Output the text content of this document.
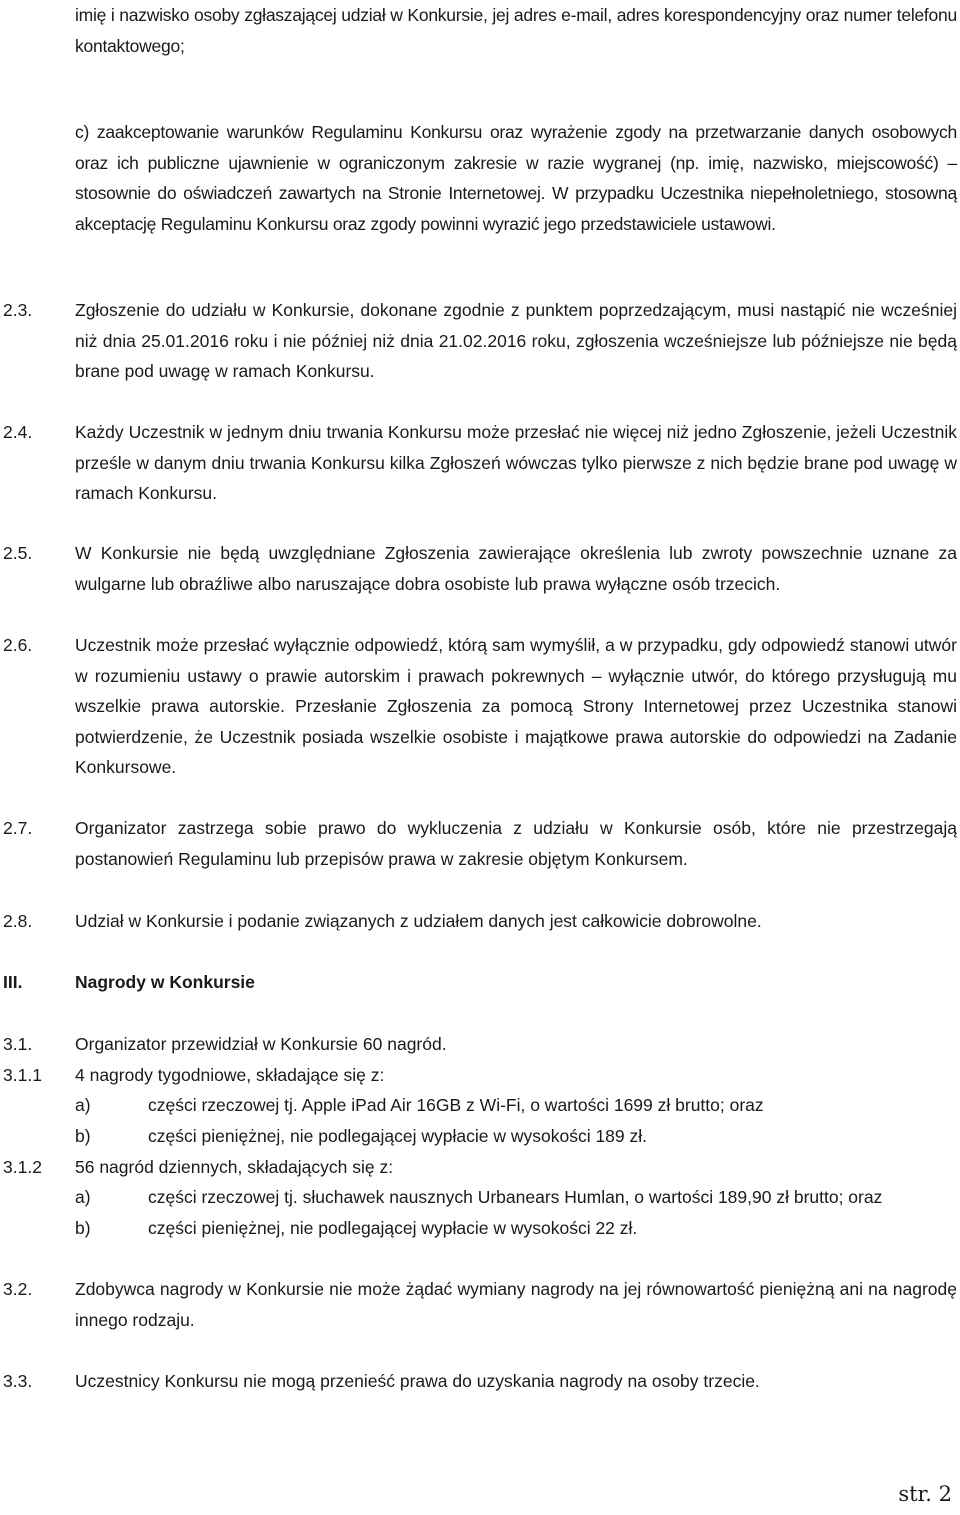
imię i nazwisko osoby zgłaszającej udział w Konkursie, jej adres e-mail, adres korespondencyjny oraz numer telefonu kontaktowego;
c) zaakceptowanie warunków Regulaminu Konkursu oraz wyrażenie zgody na przetwarzanie danych osobowych oraz ich publiczne ujawnienie w ograniczonym zakresie w razie wygranej (np. imię, nazwisko, miejscowość) – stosownie do oświadczeń zawartych na Stronie Internetowej. W przypadku Uczestnika niepełnoletniego, stosowną akceptację Regulaminu Konkursu oraz zgody powinni wyrazić jego przedstawiciele ustawowi.
2.3. Zgłoszenie do udziału w Konkursie, dokonane zgodnie z punktem poprzedzającym, musi nastąpić nie wcześniej niż dnia 25.01.2016 roku i nie później niż dnia 21.02.2016 roku, zgłoszenia wcześniejsze lub późniejsze nie będą brane pod uwagę w ramach Konkursu.
2.4. Każdy Uczestnik w jednym dniu trwania Konkursu może przesłać nie więcej niż jedno Zgłoszenie, jeżeli Uczestnik prześle w danym dniu trwania Konkursu kilka Zgłoszeń wówczas tylko pierwsze z nich będzie brane pod uwagę w ramach Konkursu.
2.5. W Konkursie nie będą uwzględniane Zgłoszenia zawierające określenia lub zwroty powszechnie uznane za wulgarne lub obraźliwe albo naruszające dobra osobiste lub prawa wyłączne osób trzecich.
2.6. Uczestnik może przesłać wyłącznie odpowiedź, którą sam wymyślił, a w przypadku, gdy odpowiedź stanowi utwór w rozumieniu ustawy o prawie autorskim i prawach pokrewnych – wyłącznie utwór, do którego przysługują mu wszelkie prawa autorskie. Przesłanie Zgłoszenia za pomocą Strony Internetowej przez Uczestnika stanowi potwierdzenie, że Uczestnik posiada wszelkie osobiste i majątkowe prawa autorskie do odpowiedzi na Zadanie Konkursowe.
2.7. Organizator zastrzega sobie prawo do wykluczenia z udziału w Konkursie osób, które nie przestrzegają postanowień Regulaminu lub przepisów prawa w zakresie objętym Konkursem.
2.8. Udział w Konkursie i podanie związanych z udziałem danych jest całkowicie dobrowolne.
III.	Nagrody w Konkursie
3.1. Organizator przewidział w Konkursie 60 nagród.
3.1.1 4 nagrody tygodniowe, składające się z:
a)	części rzeczowej tj. Apple iPad Air 16GB z Wi-Fi, o wartości 1699 zł brutto; oraz
b)	części pieniężnej, nie podlegającej wypłacie w wysokości 189 zł.
3.1.2 56 nagród dziennych, składających się z:
a)	części rzeczowej tj. słuchawek nausznych Urbanears Humlan, o wartości 189,90 zł brutto; oraz
b)	części pieniężnej, nie podlegającej wypłacie w wysokości 22 zł.
3.2. Zdobywca nagrody w Konkursie nie może żądać wymiany nagrody na jej równowartość pieniężną ani na nagrodę innego rodzaju.
3.3. Uczestnicy Konkursu nie mogą przenieść prawa do uzyskania nagrody na osoby trzecie.
str. 2
